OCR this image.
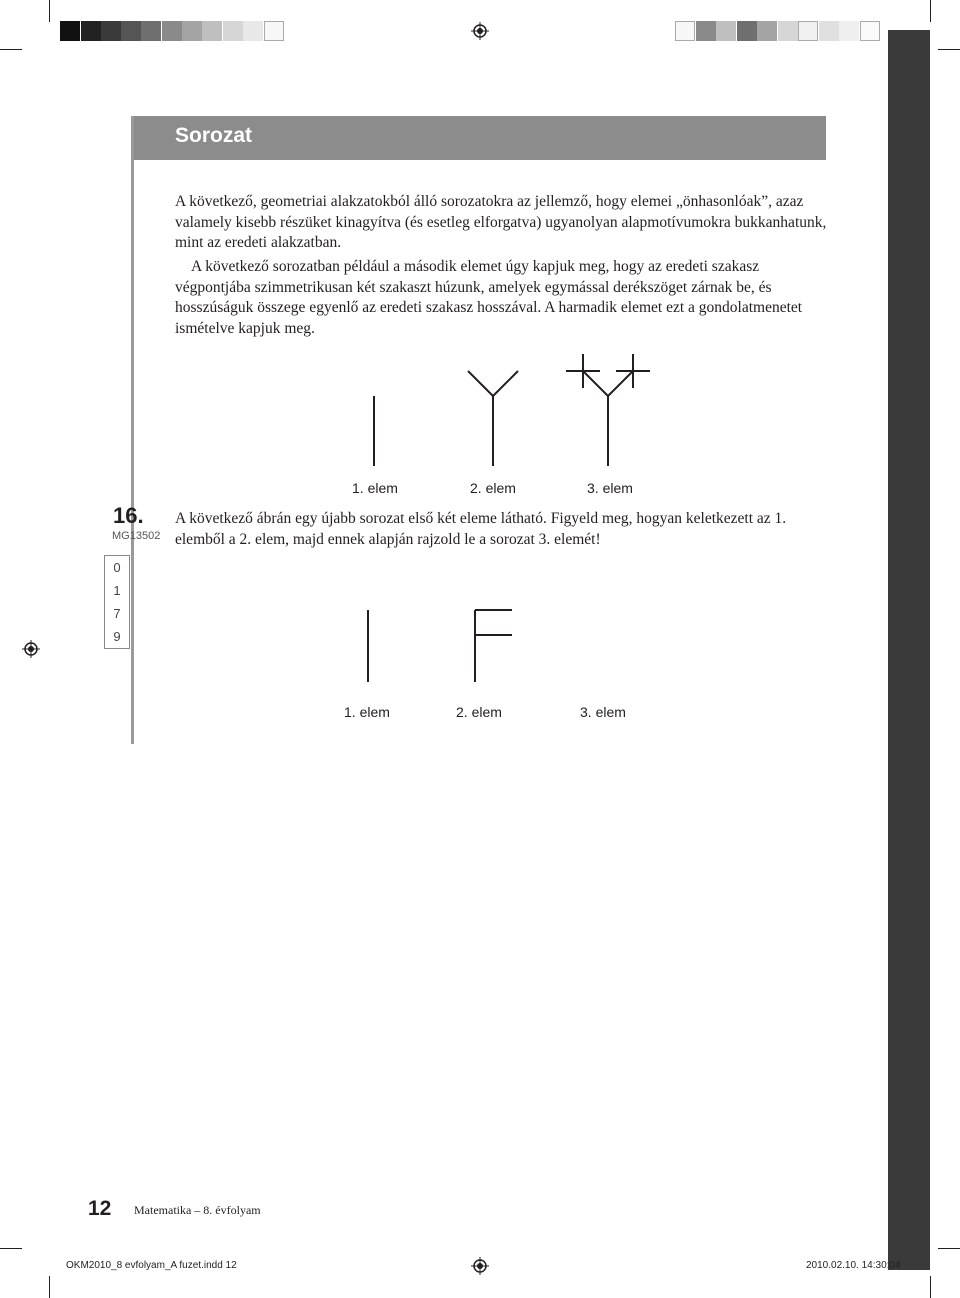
Sorozat

A következő, geometriai alakzatokból álló sorozatokra az jellemző, hogy elemei „önhasonlóak”, azaz valamely kisebb részüket kinagyítva (és esetleg elforgatva) ugyanolyan alapmotívumokra bukkanhatunk, mint az eredeti alakzatban.

A következő sorozatban például a második elemet úgy kapjuk meg, hogy az eredeti szakasz végpontjába szimmetrikusan két szakaszt húzunk, amelyek egymással derékszöget zárnak be, és hosszúságuk összege egyenlő az eredeti szakasz hosszával. A harmadik elemet ezt a gondolatmenetet ismételve kapjuk meg.

1. elem	2. elem	3. elem
16.
MG13502
0
1
7
9

A következő ábrán egy újabb sorozat első két eleme látható. Figyeld meg, hogyan keletkezett az 1. elemből a 2. elem, majd ennek alapján rajzold le a sorozat 3. elemét!

1. elem	2. elem	3. elem
12 Matematika – 8. évfolyam
OKM2010_8 evfolyam_A fuzet.indd 12	2010.02.10. 14:30:04
